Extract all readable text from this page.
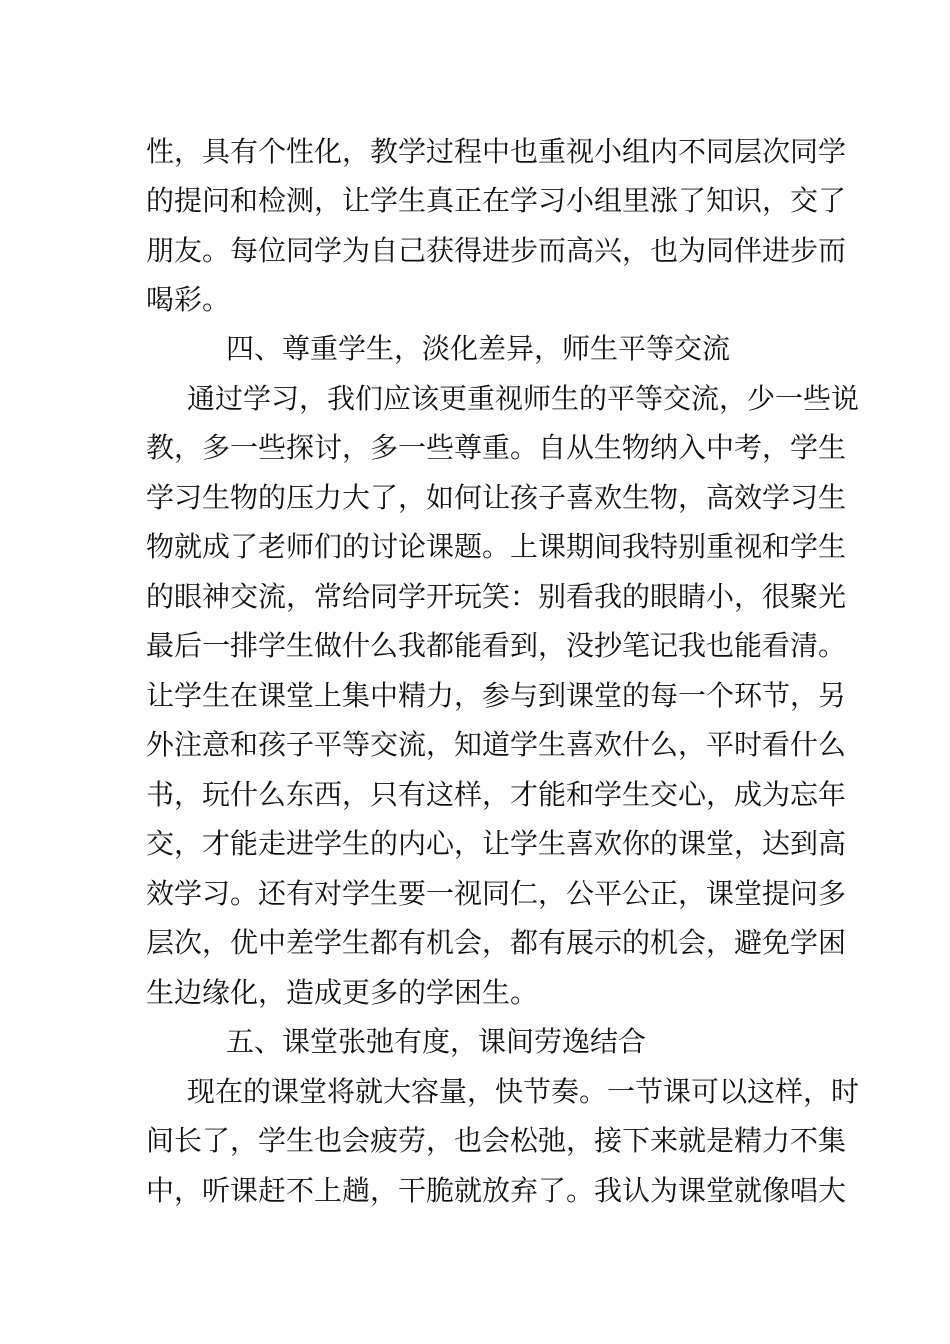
性，具有个性化，教学过程中也重视小组内不同层次同学
的提问和检测，让学生真正在学习小组里涨了知识，交了
朋友。每位同学为自己获得进步而高兴，也为同伴进步而
喝彩。
四、尊重学生，淡化差异，师生平等交流
通过学习，我们应该更重视师生的平等交流，少一些说
教，多一些探讨，多一些尊重。自从生物纳入中考，学生
学习生物的压力大了，如何让孩子喜欢生物，高效学习生
物就成了老师们的讨论课题。上课期间我特别重视和学生
的眼神交流，常给同学开玩笑：别看我的眼睛小，很聚光
最后一排学生做什么我都能看到，没抄笔记我也能看清。
让学生在课堂上集中精力，参与到课堂的每一个环节，另
外注意和孩子平等交流，知道学生喜欢什么，平时看什么
书，玩什么东西，只有这样，才能和学生交心，成为忘年
交，才能走进学生的内心，让学生喜欢你的课堂，达到高
效学习。还有对学生要一视同仁，公平公正，课堂提问多
层次，优中差学生都有机会，都有展示的机会，避免学困
生边缘化，造成更多的学困生。
五、课堂张弛有度，课间劳逸结合
现在的课堂将就大容量，快节奏。一节课可以这样，时
间长了，学生也会疲劳，也会松弛，接下来就是精力不集
中，听课赶不上趟，干脆就放弃了。我认为课堂就像唱大
